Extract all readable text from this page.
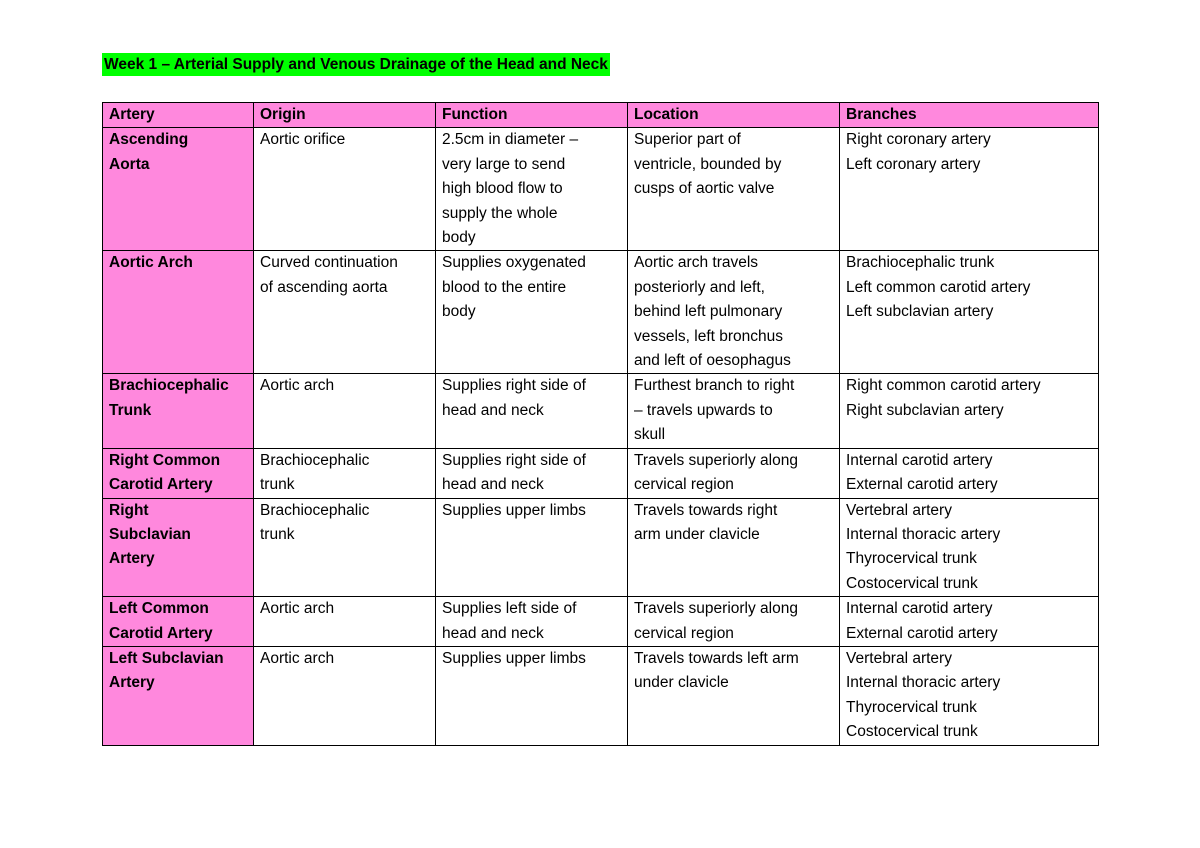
Week 1 – Arterial Supply and Venous Drainage of the Head and Neck
Artery	Origin	Function	Location	Branches

Ascending
Aorta	Aortic orifice	2.5cm in diameter –
very large to send
high blood flow to
supply the whole
body	Superior part of
ventricle, bounded by
cusps of aortic valve	Right coronary artery
Left coronary artery

Aortic Arch	Curved continuation
of ascending aorta	Supplies oxygenated
blood to the entire
body	Aortic arch travels
posteriorly and left,
behind left pulmonary
vessels, left bronchus
and left of oesophagus	Brachiocephalic trunk
Left common carotid artery
Left subclavian artery

Brachiocephalic
Trunk	Aortic arch	Supplies right side of
head and neck	Furthest branch to right
– travels upwards to
skull	Right common carotid artery
Right subclavian artery

Right Common
Carotid Artery	Brachiocephalic
trunk	Supplies right side of
head and neck	Travels superiorly along
cervical region	Internal carotid artery
External carotid artery

Right
Subclavian
Artery	Brachiocephalic
trunk	Supplies upper limbs	Travels towards right
arm under clavicle	Vertebral artery
Internal thoracic artery
Thyrocervical trunk
Costocervical trunk

Left Common
Carotid Artery	Aortic arch	Supplies left side of
head and neck	Travels superiorly along
cervical region	Internal carotid artery
External carotid artery

Left Subclavian
Artery	Aortic arch	Supplies upper limbs	Travels towards left arm
under clavicle	Vertebral artery
Internal thoracic artery
Thyrocervical trunk
Costocervical trunk
